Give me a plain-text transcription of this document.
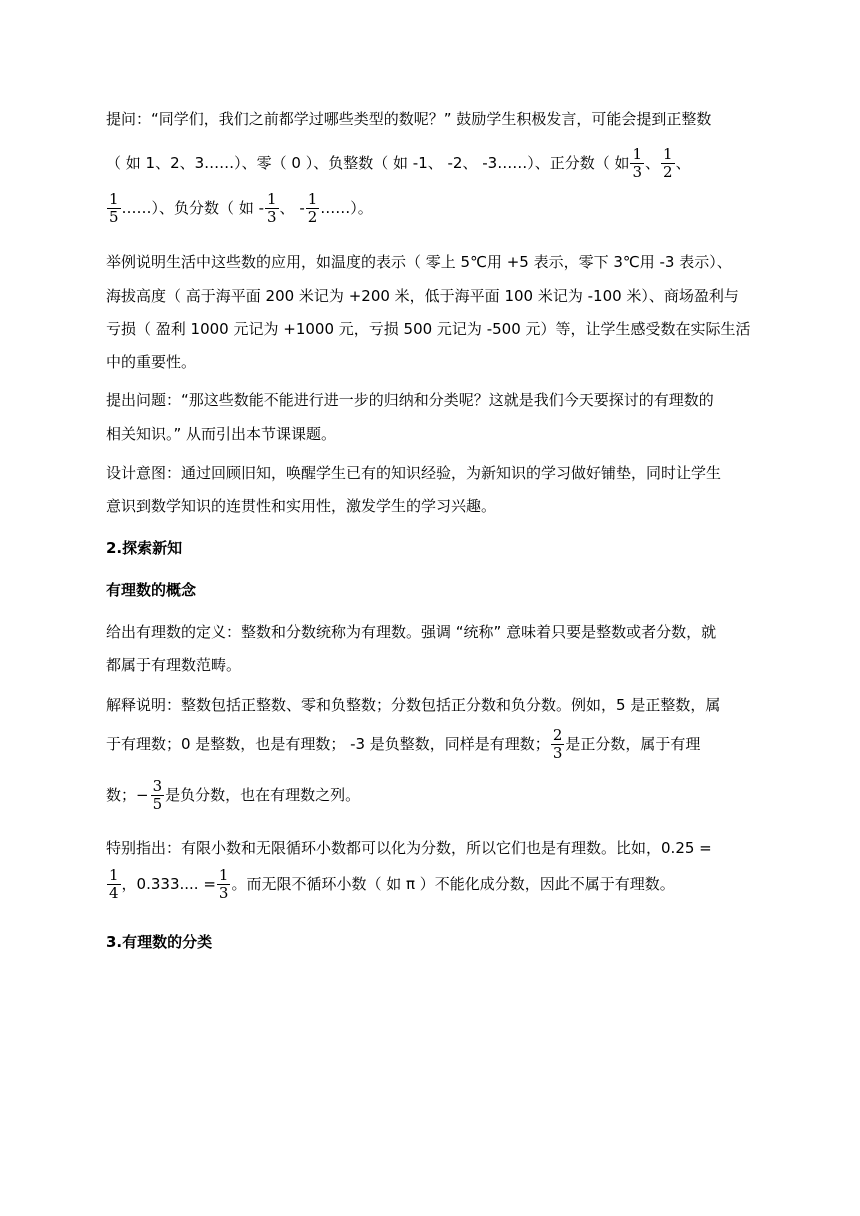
提问：“同学们，我们之前都学过哪些类型的数呢？” 鼓励学生积极发言，可能会提到正整数
（ 如 1、2、3……）、零（ 0 ）、负整数（ 如 -1、 -2、 -3……）、正分数（ 如 $\frac{1}{3}$ 、 $\frac{1}{2}$ 、
$\frac{1}{5}$ ……）、负分数（ 如 - $\frac{1}{3}$ 、 - $\frac{1}{2}$ ……）。
举例说明生活中这些数的应用，如温度的表示（ 零上 5℃用 +5 表示，零下 3℃用 -3 表示）、
海拔高度（ 高于海平面 200 米记为 +200 米，低于海平面 100 米记为 -100 米）、商场盈利与
亏损（ 盈利 1000 元记为 +1000 元，亏损 500 元记为 -500 元）等，让学生感受数在实际生活
中的重要性。
提出问题：“那这些数能不能进行进一步的归纳和分类呢？这就是我们今天要探讨的有理数的
相关知识。” 从而引出本节课课题。
设计意图：通过回顾旧知，唤醒学生已有的知识经验，为新知识的学习做好铺垫，同时让学生
意识到数学知识的连贯性和实用性，激发学生的学习兴趣。
2.探索新知
有理数的概念
给出有理数的定义：整数和分数统称为有理数。强调 “统称” 意味着只要是整数或者分数，就
都属于有理数范畴。
解释说明：整数包括正整数、零和负整数；分数包括正分数和负分数。例如，5 是正整数，属
于有理数；0 是整数，也是有理数； -3 是负整数，同样是有理数； $\frac{2}{3}$ 是正分数，属于有理
数；− $\frac{3}{5}$ 是负分数，也在有理数之列。
特别指出：有限小数和无限循环小数都可以化为分数，所以它们也是有理数。比如，0.25 =
$\frac{1}{4}$ ，0.333.... = $\frac{1}{3}$ 。而无限不循环小数（ 如 π ）不能化成分数，因此不属于有理数。
3.有理数的分类
